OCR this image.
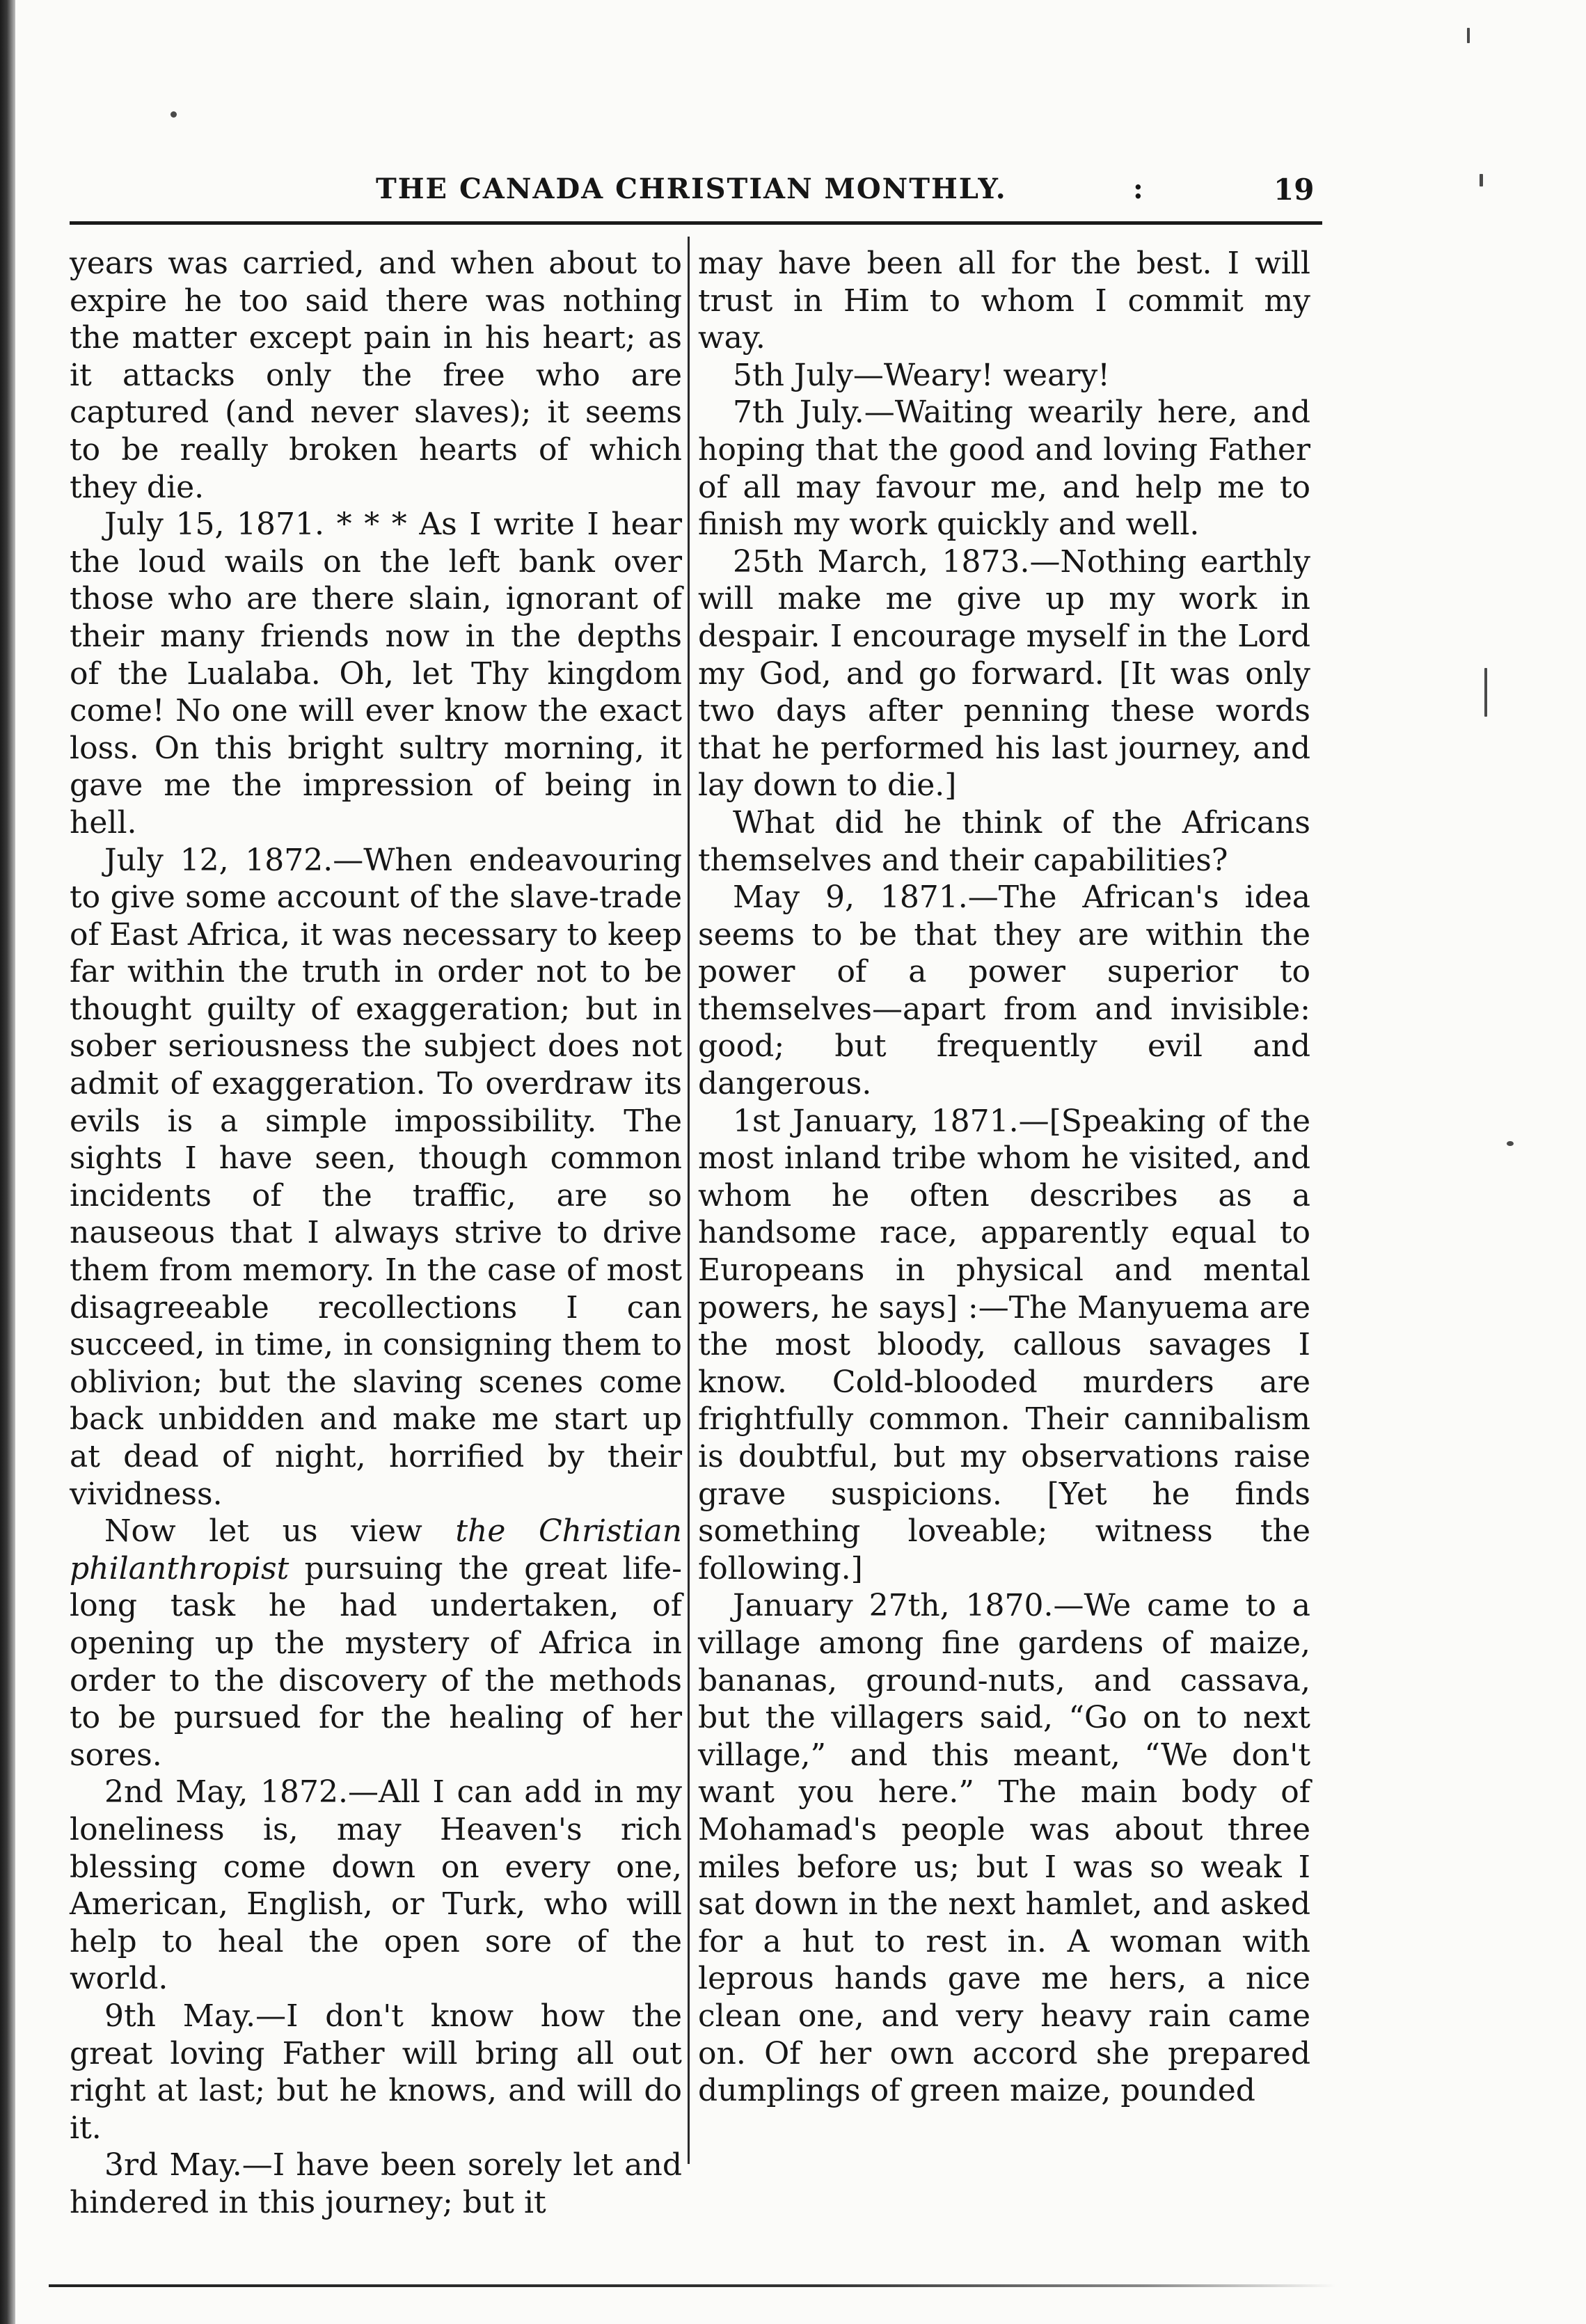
THE CANADA CHRISTIAN MONTHLY.	:	19

years was carried, and when about to expire he too said there was nothing the matter except pain in his heart; as it attacks only the free who are captured (and never slaves); it seems to be really broken hearts of which they die.

July 15, 1871. * * * As I write I hear the loud wails on the left bank over those who are there slain, ignorant of their many friends now in the depths of the Lualaba. Oh, let Thy kingdom come! No one will ever know the exact loss. On this bright sultry morning, it gave me the impression of being in hell.

July 12, 1872.—When endeavouring to give some account of the slave-trade of East Africa, it was necessary to keep far within the truth in order not to be thought guilty of exaggeration; but in sober seriousness the subject does not admit of exaggeration. To overdraw its evils is a simple impossibility. The sights I have seen, though common incidents of the traffic, are so nauseous that I always strive to drive them from memory. In the case of most disagreeable recollections I can succeed, in time, in consigning them to oblivion; but the slaving scenes come back unbidden and make me start up at dead of night, horrified by their vividness.

Now let us view the Christian philanthropist pursuing the great life-long task he had undertaken, of opening up the mystery of Africa in order to the discovery of the methods to be pursued for the healing of her sores.

2nd May, 1872.—All I can add in my loneliness is, may Heaven's rich blessing come down on every one, American, English, or Turk, who will help to heal the open sore of the world.

9th May.—I don't know how the great loving Father will bring all out right at last; but he knows, and will do it.

3rd May.—I have been sorely let and hindered in this journey; but it

may have been all for the best. I will trust in Him to whom I commit my way.

5th July—Weary! weary!

7th July.—Waiting wearily here, and hoping that the good and loving Father of all may favour me, and help me to finish my work quickly and well.

25th March, 1873.—Nothing earthly will make me give up my work in despair. I encourage myself in the Lord my God, and go forward. [It was only two days after penning these words that he performed his last journey, and lay down to die.]

What did he think of the Africans themselves and their capabilities?

May 9, 1871.—The African's idea seems to be that they are within the power of a power superior to themselves—apart from and invisible: good; but frequently evil and dangerous.

1st January, 1871.—[Speaking of the most inland tribe whom he visited, and whom he often describes as a handsome race, apparently equal to Europeans in physical and mental powers, he says] :—The Manyuema are the most bloody, callous savages I know. Cold-blooded murders are frightfully common. Their cannibalism is doubtful, but my observations raise grave suspicions. [Yet he finds something loveable; witness the following.]

January 27th, 1870.—We came to a village among fine gardens of maize, bananas, ground-nuts, and cassava, but the villagers said, “Go on to next village,” and this meant, “We don't want you here.” The main body of Mohamad's people was about three miles before us; but I was so weak I sat down in the next hamlet, and asked for a hut to rest in. A woman with leprous hands gave me hers, a nice clean one, and very heavy rain came on. Of her own accord she prepared dumplings of green maize, pounded
